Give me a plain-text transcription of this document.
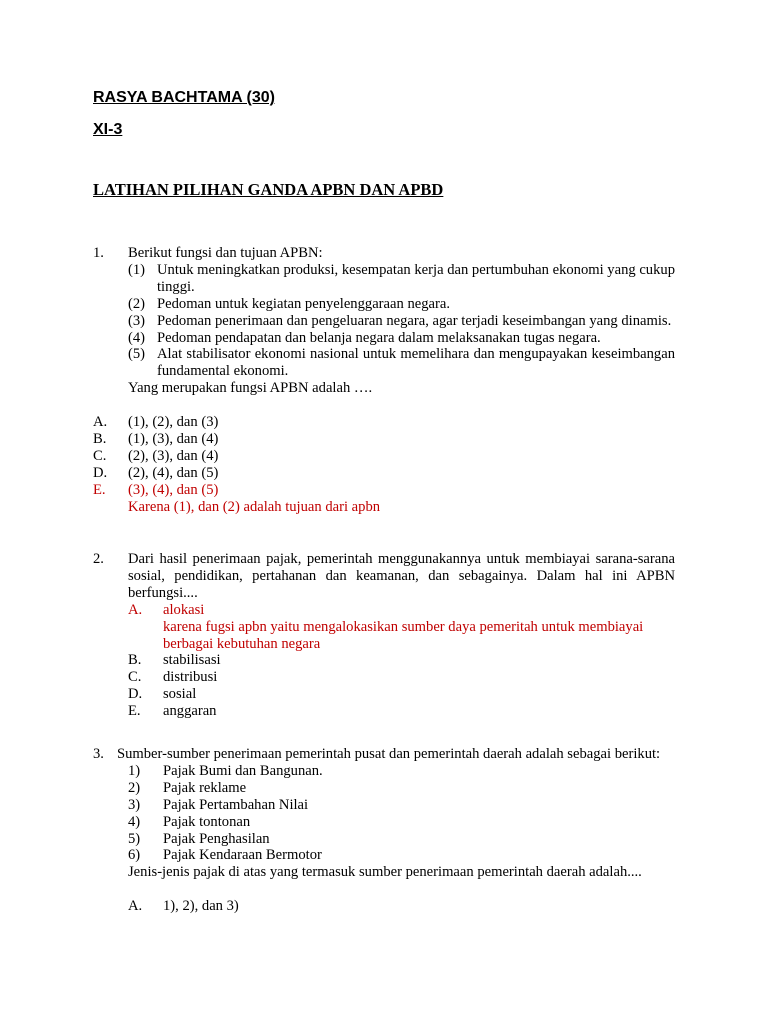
RASYA BACHTAMA (30)
XI-3
LATIHAN PILIHAN GANDA APBN DAN APBD
1.	Berikut fungsi dan tujuan APBN:
(1) Untuk meningkatkan produksi, kesempatan kerja dan pertumbuhan ekonomi yang cukup tinggi.
(2) Pedoman untuk kegiatan penyelenggaraan negara.
(3) Pedoman penerimaan dan pengeluaran negara, agar terjadi keseimbangan yang dinamis.
(4) Pedoman pendapatan dan belanja negara dalam melaksanakan tugas negara.
(5) Alat stabilisator ekonomi nasional untuk memelihara dan mengupayakan keseimbangan fundamental ekonomi.
Yang merupakan fungsi APBN adalah ….
A.	(1), (2), dan (3)
B.	(1), (3), dan (4)
C.	(2), (3), dan (4)
D.	(2), (4), dan (5)
E.	(3), (4), dan (5)
Karena (1), dan (2) adalah tujuan dari apbn
2.	Dari hasil penerimaan pajak, pemerintah menggunakannya untuk membiayai sarana-sarana sosial, pendidikan, pertahanan dan keamanan, dan sebagainya. Dalam hal ini APBN berfungsi....
A.	alokasi
karena fugsi apbn yaitu mengalokasikan sumber daya pemeritah untuk membiayai berbagai kebutuhan negara
B.	stabilisasi
C.	distribusi
D.	sosial
E.	anggaran
3. Sumber-sumber penerimaan pemerintah pusat dan pemerintah daerah adalah sebagai berikut:
1)	Pajak Bumi dan Bangunan.
2)	Pajak reklame
3)	Pajak Pertambahan Nilai
4)	Pajak tontonan
5)	Pajak Penghasilan
6)	Pajak Kendaraan Bermotor
Jenis-jenis pajak di atas yang termasuk sumber penerimaan pemerintah daerah adalah....
A.	1), 2), dan 3)
